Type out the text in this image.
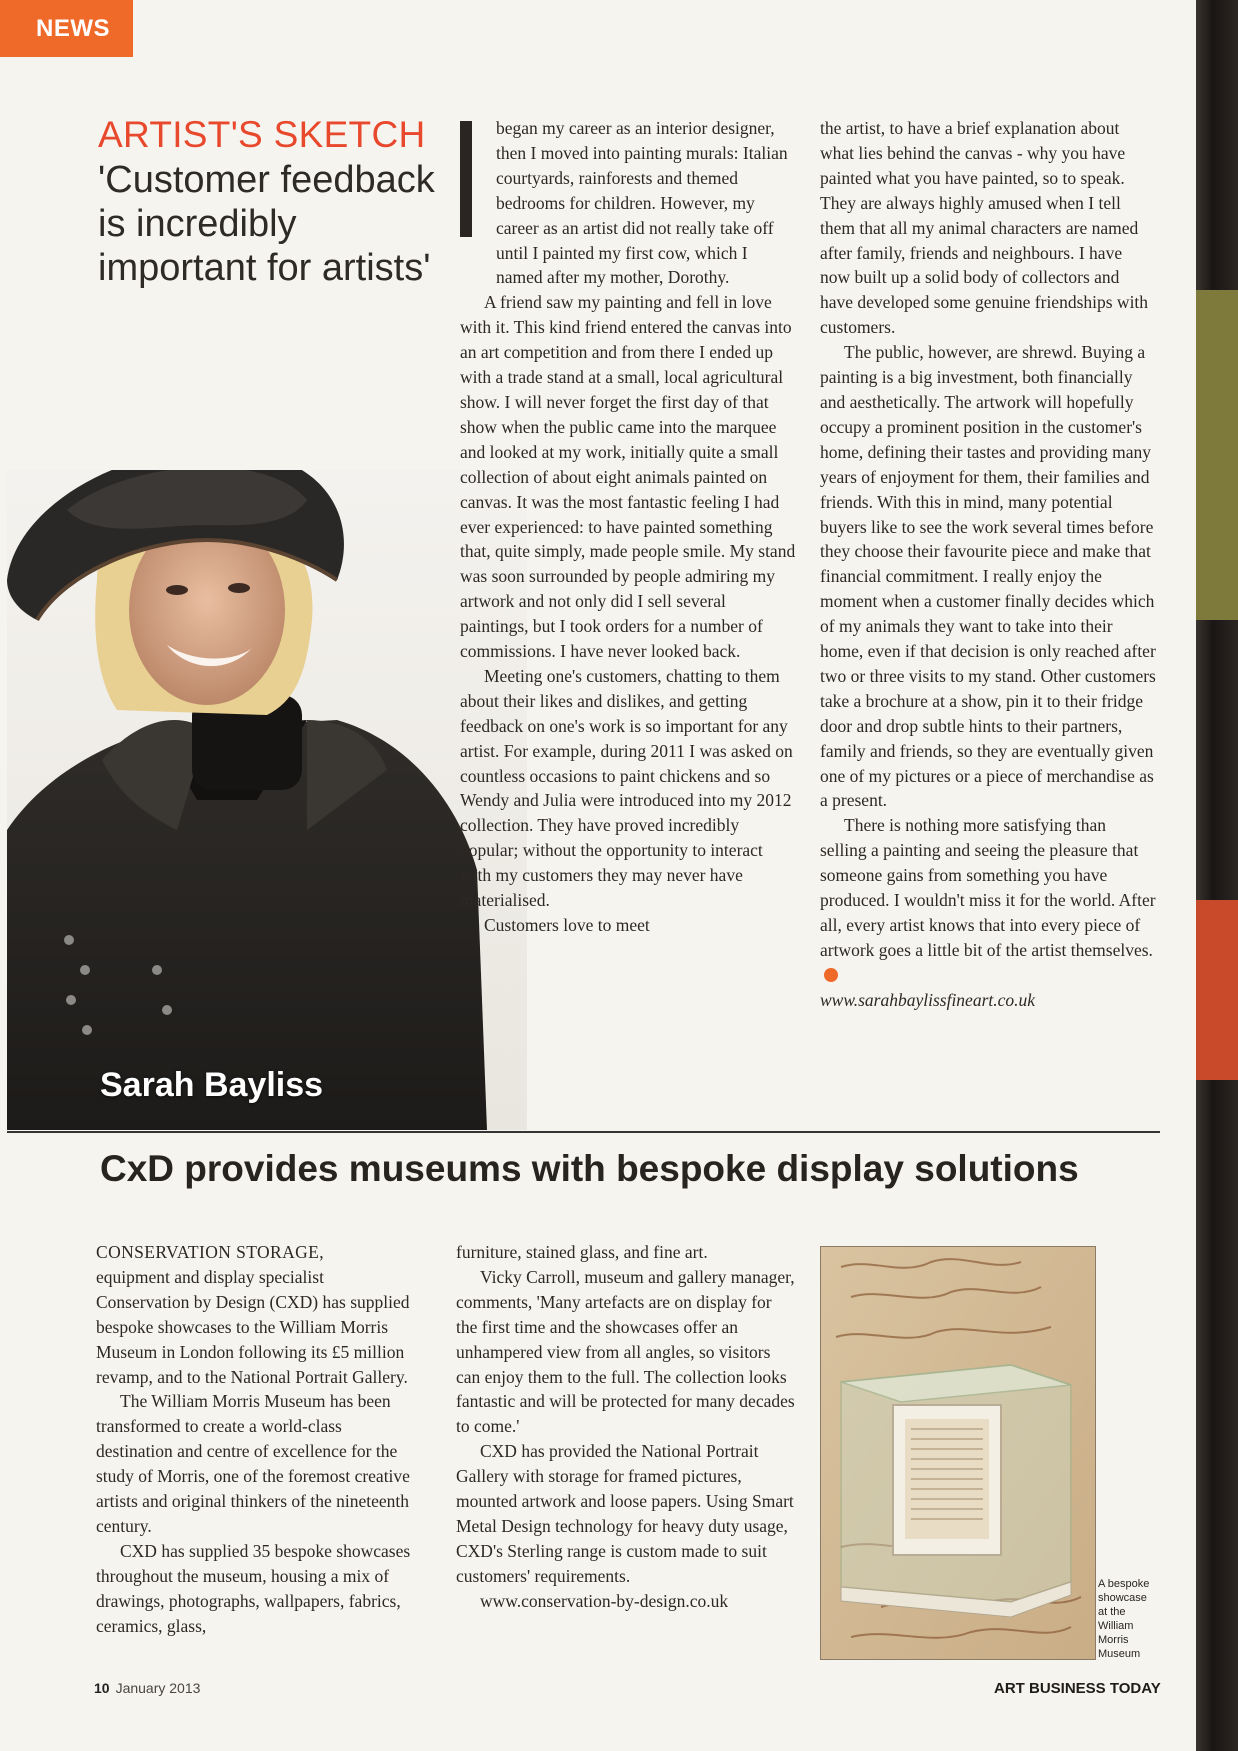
NEWS
ARTIST'S SKETCH
'Customer feedback is incredibly important for artists'
Sarah Bayliss

began my career as an interior designer, then I moved into painting murals: Italian courtyards, rainforests and themed bedrooms for children. However, my career as an artist did not really take off until I painted my first cow, which I named after my mother, Dorothy.

A friend saw my painting and fell in love with it. This kind friend entered the canvas into an art competition and from there I ended up with a trade stand at a small, local agricultural show. I will never forget the first day of that show when the public came into the marquee and looked at my work, initially quite a small collection of about eight animals painted on canvas. It was the most fantastic feeling I had ever experienced: to have painted something that, quite simply, made people smile. My stand was soon surrounded by people admiring my artwork and not only did I sell several paintings, but I took orders for a number of commissions. I have never looked back.

Meeting one's customers, chatting to them about their likes and dislikes, and getting feedback on one's work is so important for any artist. For example, during 2011 I was asked on countless occasions to paint chickens and so Wendy and Julia were introduced into my 2012 collection. They have proved incredibly popular; without the opportunity to interact with my customers they may never have materialised.

Customers love to meet

the artist, to have a brief explanation about what lies behind the canvas - why you have painted what you have painted, so to speak. They are always highly amused when I tell them that all my animal characters are named after family, friends and neighbours. I have now built up a solid body of collectors and have developed some genuine friendships with customers.

The public, however, are shrewd. Buying a painting is a big investment, both financially and aesthetically. The artwork will hopefully occupy a prominent position in the customer's home, defining their tastes and providing many years of enjoyment for them, their families and friends. With this in mind, many potential buyers like to see the work several times before they choose their favourite piece and make that financial commitment. I really enjoy the moment when a customer finally decides which of my animals they want to take into their home, even if that decision is only reached after two or three visits to my stand. Other customers take a brochure at a show, pin it to their fridge door and drop subtle hints to their partners, family and friends, so they are eventually given one of my pictures or a piece of merchandise as a present.

There is nothing more satisfying than selling a painting and seeing the pleasure that someone gains from something you have produced. I wouldn't miss it for the world. After all, every artist knows that into every piece of artwork goes a little bit of the artist themselves.

www.sarahbaylissfineart.co.uk

CxD provides museums with bespoke display solutions

CONSERVATION STORAGE,

equipment and display specialist Conservation by Design (CXD) has supplied bespoke showcases to the William Morris Museum in London following its £5 million revamp, and to the National Portrait Gallery.

The William Morris Museum has been transformed to create a world-class destination and centre of excellence for the study of Morris, one of the foremost creative artists and original thinkers of the nineteenth century.

CXD has supplied 35 bespoke showcases throughout the museum, housing a mix of drawings, photographs, wallpapers, fabrics, ceramics, glass,

furniture, stained glass, and fine art.

Vicky Carroll, museum and gallery manager, comments, 'Many artefacts are on display for the first time and the showcases offer an unhampered view from all angles, so visitors can enjoy them to the full. The collection looks fantastic and will be protected for many decades to come.'

CXD has provided the National Portrait Gallery with storage for framed pictures, mounted artwork and loose papers. Using Smart Metal Design technology for heavy duty usage, CXD's Sterling range is custom made to suit customers' requirements.

www.conservation-by-design.co.uk

A bespoke showcase at the William Morris Museum
10 January 2013	ART BUSINESS TODAY
